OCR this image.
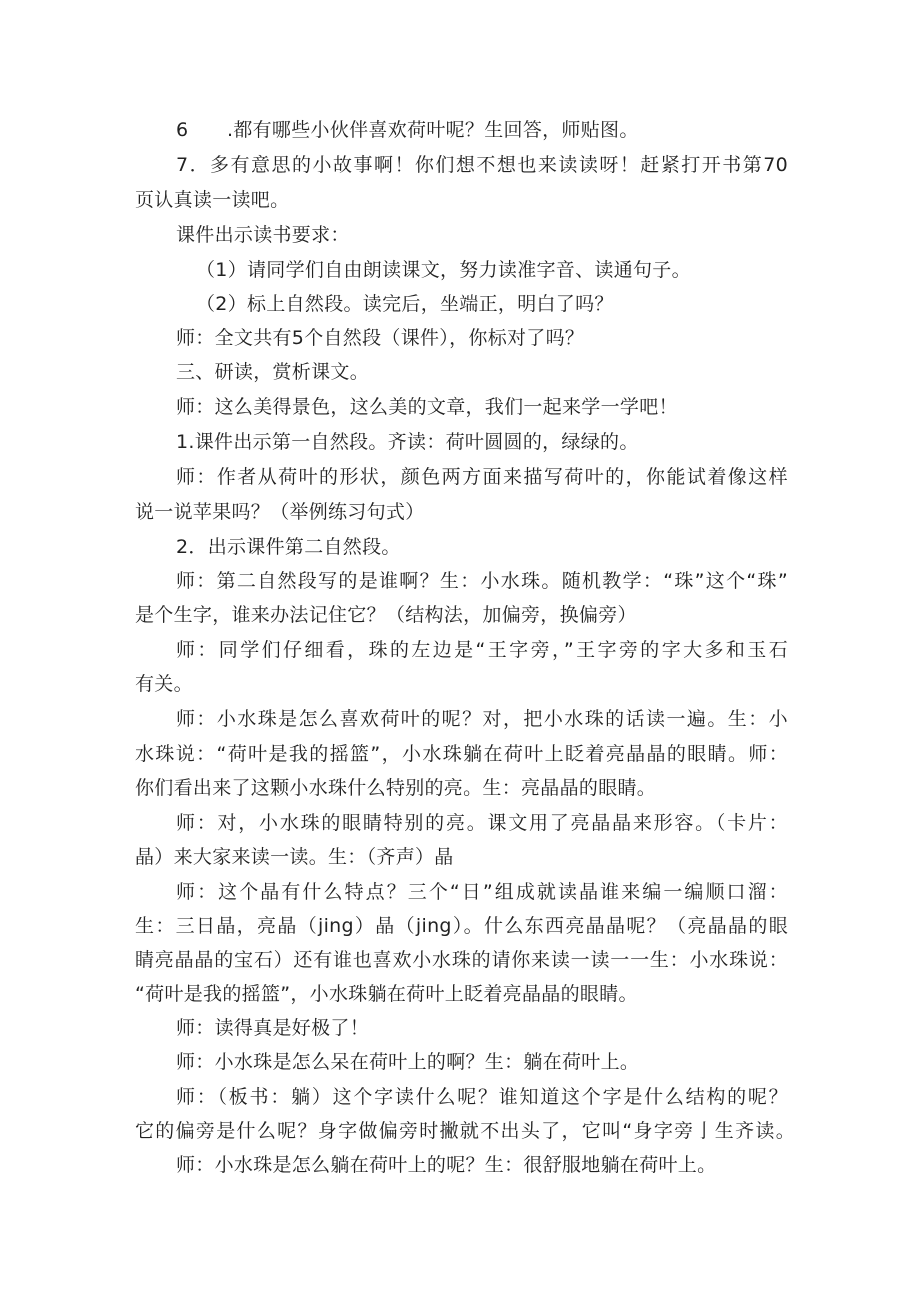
6　　.都有哪些小伙伴喜欢荷叶呢？生回答，师贴图。
7．多有意思的小故事啊！你们想不想也来读读呀！赶紧打开书第70
页认真读一读吧。
课件出示读书要求：
（1）请同学们自由朗读课文，努力读准字音、读通句子。
（2）标上自然段。读完后，坐端正，明白了吗？
师：全文共有5个自然段（课件），你标对了吗？
三、研读，赏析课文。
师：这么美得景色，这么美的文章，我们一起来学一学吧！
1.课件出示第一自然段。齐读：荷叶圆圆的，绿绿的。
师：作者从荷叶的形状，颜色两方面来描写荷叶的，你能试着像这样
说一说苹果吗？（举例练习句式）
2．出示课件第二自然段。
师：第二自然段写的是谁啊？生：小水珠。随机教学：“珠”这个“珠”
是个生字，谁来办法记住它？（结构法，加偏旁，换偏旁）
师：同学们仔细看，珠的左边是“王字旁，”王字旁的字大多和玉石
有关。
师：小水珠是怎么喜欢荷叶的呢？对，把小水珠的话读一遍。生：小
水珠说：“荷叶是我的摇篮”，小水珠躺在荷叶上眨着亮晶晶的眼睛。师：
你们看出来了这颗小水珠什么特别的亮。生：亮晶晶的眼睛。
师：对，小水珠的眼睛特别的亮。课文用了亮晶晶来形容。（卡片：
晶）来大家来读一读。生：（齐声）晶
师：这个晶有什么特点？三个“日”组成就读晶谁来编一编顺口溜：
生：三日晶，亮晶（jing）晶（jing）。什么东西亮晶晶呢？（亮晶晶的眼
睛亮晶晶的宝石）还有谁也喜欢小水珠的请你来读一读一一生：小水珠说：
“荷叶是我的摇篮”，小水珠躺在荷叶上眨着亮晶晶的眼睛。
师：读得真是好极了！
师：小水珠是怎么呆在荷叶上的啊？生：躺在荷叶上。
师：（板书：躺）这个字读什么呢？谁知道这个字是什么结构的呢？
它的偏旁是什么呢？身字做偏旁时撇就不出头了，它叫“身字旁亅生齐读。
师：小水珠是怎么躺在荷叶上的呢？生：很舒服地躺在荷叶上。
